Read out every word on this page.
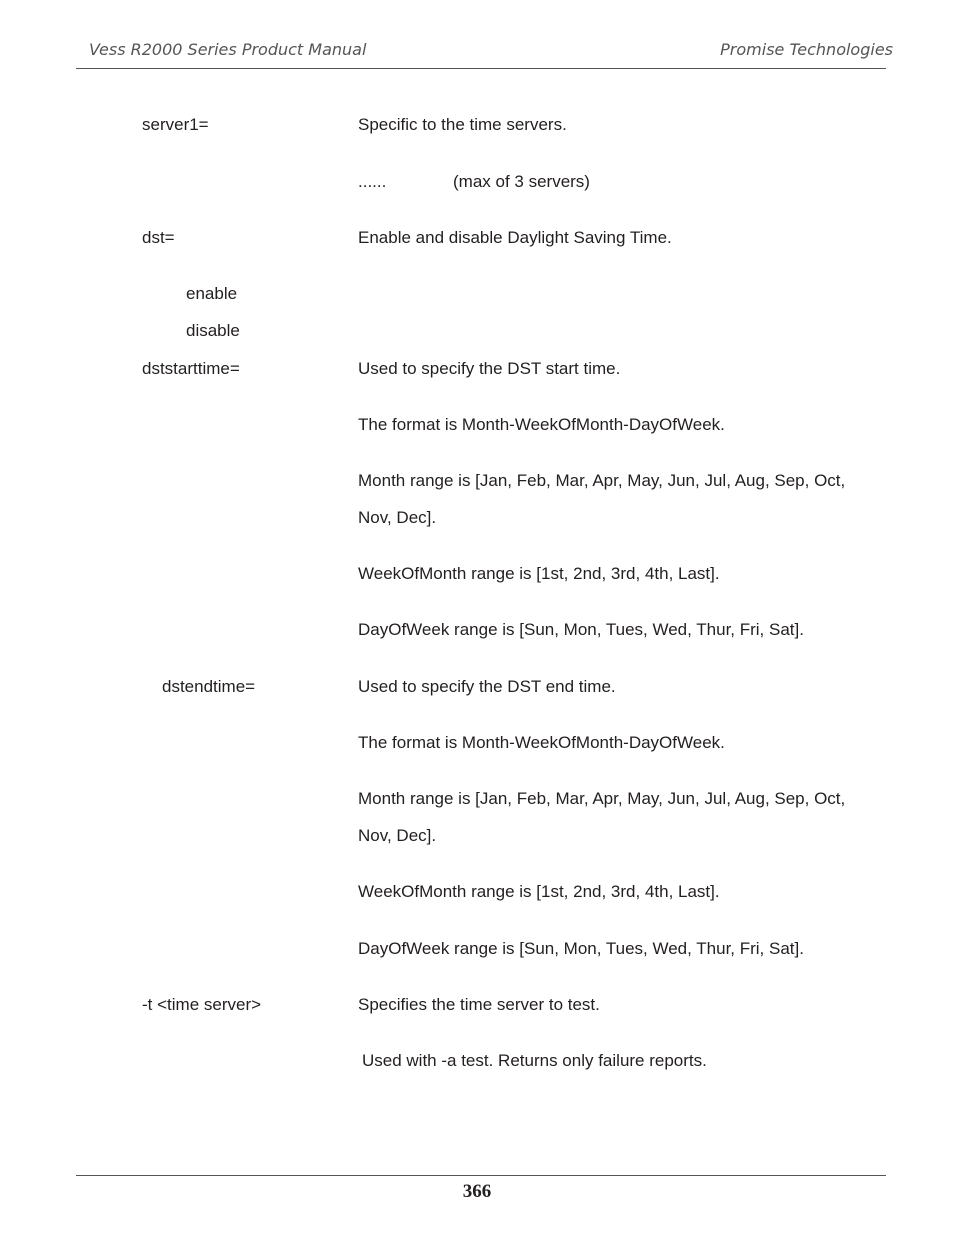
Vess R2000 Series Product Manual	Promise Technologies
server1=	Specific to the time servers.
......	(max of 3 servers)
dst=	Enable and disable Daylight Saving Time.
enable
disable
dststarttime=	Used to specify the DST start time.
The format is Month-WeekOfMonth-DayOfWeek.
Month range is [Jan, Feb, Mar, Apr, May, Jun, Jul, Aug, Sep, Oct,
Nov, Dec].
WeekOfMonth range is [1st, 2nd, 3rd, 4th, Last].
DayOfWeek range is [Sun, Mon, Tues, Wed, Thur, Fri, Sat].
dstendtime=	Used to specify the DST end time.
The format is Month-WeekOfMonth-DayOfWeek.
Month range is [Jan, Feb, Mar, Apr, May, Jun, Jul, Aug, Sep, Oct,
Nov, Dec].
WeekOfMonth range is [1st, 2nd, 3rd, 4th, Last].
DayOfWeek range is [Sun, Mon, Tues, Wed, Thur, Fri, Sat].
-t <time server>	Specifies the time server to test.
Used with -a test. Returns only failure reports.
366
